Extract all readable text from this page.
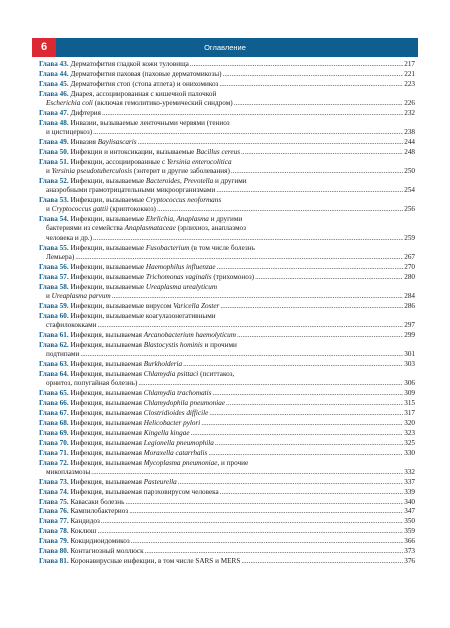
Оглавление
6
Глава 43. Дерматофития гладкой кожи туловища .....	217
Глава 44. Дерматофития паховая (паховые дерматомикозы) .....	221
Глава 45. Дерматофития стоп (стопа атлета) и онихомикоз .....	223
Глава 46. Диарея, ассоциированная с кишечной палочкой
Escherichia coli (включая гемолитико-уремический синдром) .....	226
Глава 47. Дифтерия .....	232
Глава 48. Инвазии, вызываемые ленточными червями (тениоз
и цистицеркоз) .....	238
Глава 49. Инвазия Baylisascaris .....	244
Глава 50. Инфекции и интоксикации, вызываемые Bacillus cereus .....	248
Глава 51. Инфекции, ассоциированные с Yersinia enterocolitica
и Yersinia pseudotuberculosis (энтерит и другие заболевания) .....	250
Глава 52. Инфекции, вызываемые Bacteroides, Prevotella и другими
анаэробными грамотрицательными микроорганизмами .....	254
Глава 53. Инфекции, вызываемые Cryptococcus neoformans
и Cryptococcus gattii (криптококкоз) .....	256
Глава 54. Инфекции, вызываемые Ehrlichia, Anaplasma и другими
бактериями из семейства Anaplasmataceae (эрлихиоз, анаплазмоз
человека и др.) .....	259
Глава 55. Инфекции, вызываемые Fusobacterium (в том числе болезнь
Лемьера) .....	267
Глава 56. Инфекции, вызываемые Haemophilus influenzae .....	270
Глава 57. Инфекции, вызываемые Trichomonas vaginalis (трихомоноз) .....	280
Глава 58. Инфекции, вызываемые Ureaplasma urealyticum
и Ureaplasma parvum .....	284
Глава 59. Инфекции, вызываемые вирусом Varicella Zoster .....	286
Глава 60. Инфекции, вызываемые коагулазонегативными
стафилококками .....	297
Глава 61. Инфекция, вызываемая Arcanobacterium haemolyticum .....	299
Глава 62. Инфекция, вызываемая Blastocystis hominis и прочими
подтипами .....	301
Глава 63. Инфекция, вызываемая Burkholderia .....	303
Глава 64. Инфекция, вызываемая Chlamydia psittaci (пситтакоз,
орнитоз, попугайная болезнь) .....	306
Глава 65. Инфекция, вызываемая Chlamydia trachomatis .....	309
Глава 66. Инфекция, вызываемая Chlamydophila pneumoniae .....	315
Глава 67. Инфекция, вызываемая Clostridioides difficile .....	317
Глава 68. Инфекция, вызываемая Helicobacter pylori .....	320
Глава 69. Инфекция, вызываемая Kingella kingae .....	323
Глава 70. Инфекция, вызываемая Legionella pneumophila .....	325
Глава 71. Инфекция, вызываемая Moraxella catarrhalis .....	330
Глава 72. Инфекция, вызываемая Mycoplasma pneumoniae, и прочие
микоплазмозы .....	332
Глава 73. Инфекция, вызываемая Pasteurella .....	337
Глава 74. Инфекция, вызываемая парэховирусом человека .....	339
Глава 75. Кавасаки болезнь .....	340
Глава 76. Кампилобактериоз .....	347
Глава 77. Кандидоз .....	350
Глава 78. Коклюш .....	359
Глава 79. Кокцидиоидомикоз .....	366
Глава 80. Контагиозный моллюск .....	373
Глава 81. Коронавирусные инфекции, в том числе SARS и MERS .....	376
